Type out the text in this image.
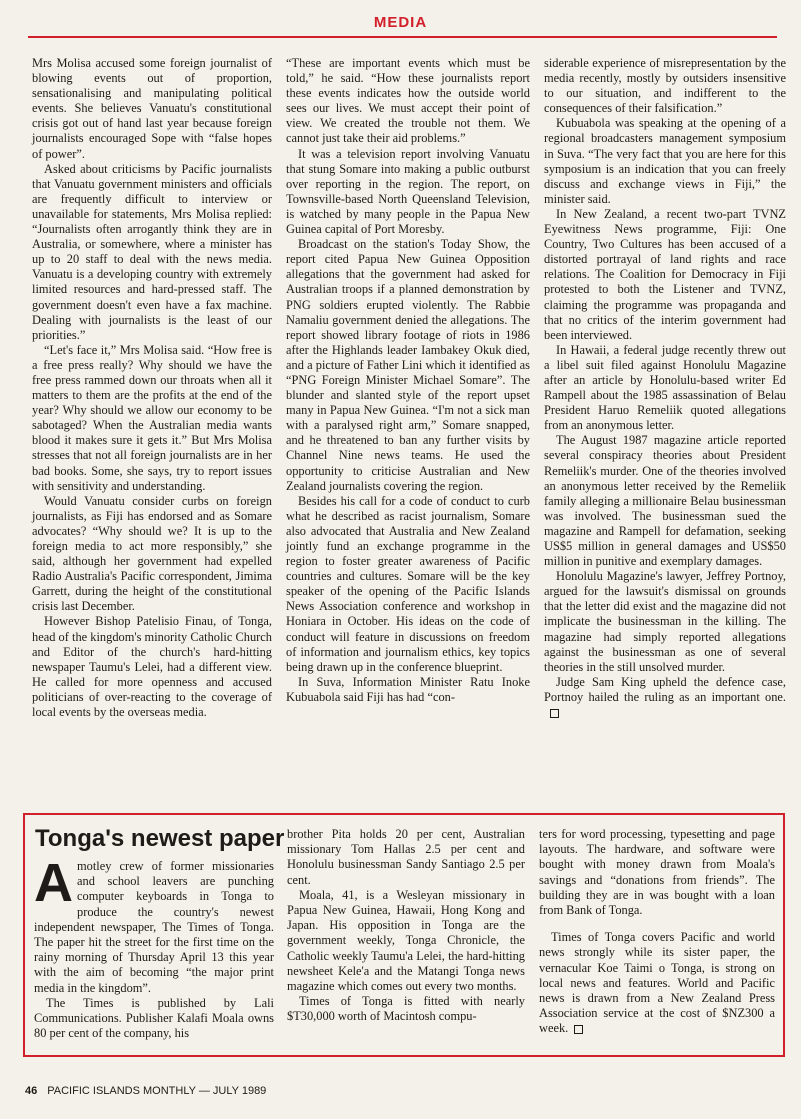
MEDIA

Mrs Molisa accused some foreign journalist of blowing events out of proportion, sensationalising and manipulating political events. She believes Vanuatu's constitutional crisis got out of hand last year because foreign journalists encouraged Sope with “false hopes of power”.

Asked about criticisms by Pacific journalists that Vanuatu government ministers and officials are frequently difficult to interview or unavailable for statements, Mrs Molisa replied: “Journalists often arrogantly think they are in Australia, or somewhere, where a minister has up to 20 staff to deal with the news media. Vanuatu is a developing country with extremely limited resources and hard-pressed staff. The government doesn't even have a fax machine. Dealing with journalists is the least of our priorities.”

“Let's face it,” Mrs Molisa said. “How free is a free press really? Why should we have the free press rammed down our throats when all it matters to them are the profits at the end of the year? Why should we allow our economy to be sabotaged? When the Australian media wants blood it makes sure it gets it.” But Mrs Molisa stresses that not all foreign journalists are in her bad books. Some, she says, try to report issues with sensitivity and understanding.

Would Vanuatu consider curbs on foreign journalists, as Fiji has endorsed and as Somare advocates? “Why should we? It is up to the foreign media to act more responsibly,” she said, although her government had expelled Radio Australia's Pacific correspondent, Jimima Garrett, during the height of the constitutional crisis last December.

However Bishop Patelisio Finau, of Tonga, head of the kingdom's minority Catholic Church and Editor of the church's hard-hitting newspaper Taumu's Lelei, had a different view. He called for more openness and accused politicians of over-reacting to the coverage of local events by the overseas media.

“These are important events which must be told,” he said. “How these journalists report these events indicates how the outside world sees our lives. We must accept their point of view. We created the trouble not them. We cannot just take their aid problems.”

It was a television report involving Vanuatu that stung Somare into making a public outburst over reporting in the region. The report, on Townsville-based North Queensland Television, is watched by many people in the Papua New Guinea capital of Port Moresby.

Broadcast on the station's Today Show, the report cited Papua New Guinea Opposition allegations that the government had asked for Australian troops if a planned demonstration by PNG soldiers erupted violently. The Rabbie Namaliu government denied the allegations. The report showed library footage of riots in 1986 after the Highlands leader Iambakey Okuk died, and a picture of Father Lini which it identified as “PNG Foreign Minister Michael Somare”. The blunder and slanted style of the report upset many in Papua New Guinea. “I'm not a sick man with a paralysed right arm,” Somare snapped, and he threatened to ban any further visits by Channel Nine news teams. He used the opportunity to criticise Australian and New Zealand journalists covering the region.

Besides his call for a code of conduct to curb what he described as racist journalism, Somare also advocated that Australia and New Zealand jointly fund an exchange programme in the region to foster greater awareness of Pacific countries and cultures. Somare will be the key speaker of the opening of the Pacific Islands News Association conference and workshop in Honiara in October. His ideas on the code of conduct will feature in discussions on freedom of information and journalism ethics, key topics being drawn up in the conference blueprint.

In Suva, Information Minister Ratu Inoke Kubuabola said Fiji has had “con-

siderable experience of misrepresentation by the media recently, mostly by outsiders insensitive to our situation, and indifferent to the consequences of their falsification.”

Kubuabola was speaking at the opening of a regional broadcasters management symposium in Suva. “The very fact that you are here for this symposium is an indication that you can freely discuss and exchange views in Fiji,” the minister said.

In New Zealand, a recent two-part TVNZ Eyewitness News programme, Fiji: One Country, Two Cultures has been accused of a distorted portrayal of land rights and race relations. The Coalition for Democracy in Fiji protested to both the Listener and TVNZ, claiming the programme was propaganda and that no critics of the interim government had been interviewed.

In Hawaii, a federal judge recently threw out a libel suit filed against Honolulu Magazine after an article by Honolulu-based writer Ed Rampell about the 1985 assassination of Belau President Haruo Remeliik quoted allegations from an anonymous letter.

The August 1987 magazine article reported several conspiracy theories about President Remeliik's murder. One of the theories involved an anonymous letter received by the Remeliik family alleging a millionaire Belau businessman was involved. The businessman sued the magazine and Rampell for defamation, seeking US$5 million in general damages and US$50 million in punitive and exemplary damages.

Honolulu Magazine's lawyer, Jeffrey Portnoy, argued for the lawsuit's dismissal on grounds that the letter did exist and the magazine did not implicate the businessman in the killing. The magazine had simply reported allegations against the businessman as one of several theories in the still unsolved murder.

Judge Sam King upheld the defence case, Portnoy hailed the ruling as an important one.

Tonga's newest paper

Amotley crew of former missionaries and school leavers are punching computer keyboards in Tonga to produce the country's newest independent newspaper, The Times of Tonga. The paper hit the street for the first time on the rainy morning of Thursday April 13 this year with the aim of becoming “the major print media in the kingdom”.

The Times is published by Lali Communications. Publisher Kalafi Moala owns 80 per cent of the company, his

brother Pita holds 20 per cent, Australian missionary Tom Hallas 2.5 per cent and Honolulu businessman Sandy Santiago 2.5 per cent.

Moala, 41, is a Wesleyan missionary in Papua New Guinea, Hawaii, Hong Kong and Japan. His opposition in Tonga are the government weekly, Tonga Chronicle, the Catholic weekly Taumu'a Lelei, the hard-hitting newsheet Kele'a and the Matangi Tonga news magazine which comes out every two months.

Times of Tonga is fitted with nearly $T30,000 worth of Macintosh compu-

ters for word processing, typesetting and page layouts. The hardware, and software were bought with money drawn from Moala's savings and “donations from friends”. The building they are in was bought with a loan from Bank of Tonga.

Times of Tonga covers Pacific and world news strongly while its sister paper, the vernacular Koe Taimi o Tonga, is strong on local news and features. World and Pacific news is drawn from a New Zealand Press Association service at the cost of $NZ300 a week.

46 PACIFIC ISLANDS MONTHLY — JULY 1989
